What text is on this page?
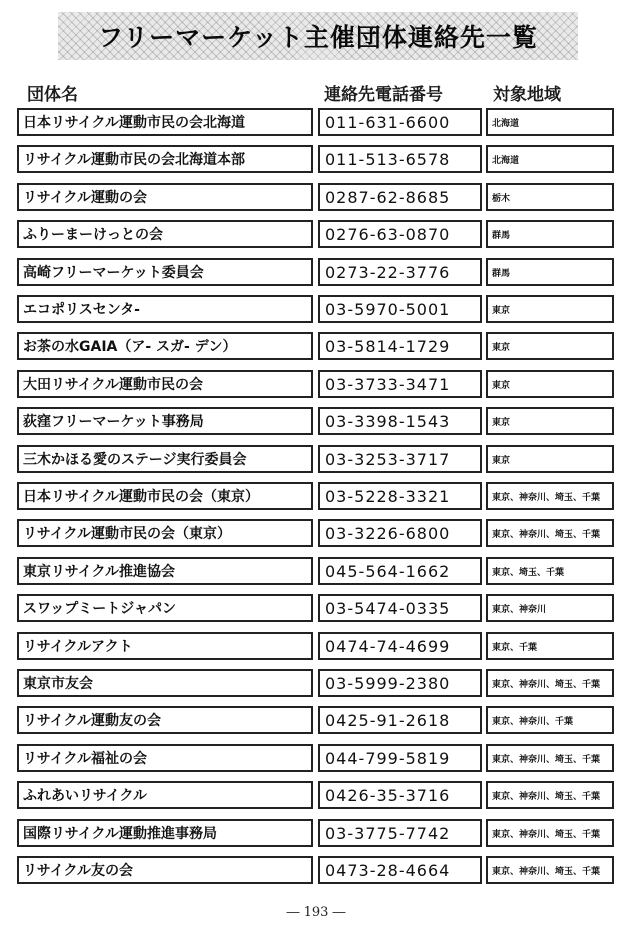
フリーマーケット主催団体連絡先一覧
団体名	連絡先電話番号	対象地域
日本リサイクル運動市民の会北海道	011-631-6600	北海道
リサイクル運動市民の会北海道本部	011-513-6578	北海道
リサイクル運動の会	0287-62-8685	栃木
ふりーまーけっとの会	0276-63-0870	群馬
高崎フリーマーケット委員会	0273-22-3776	群馬
エコポリスセンタ-	03-5970-5001	東京
お茶の水GAIA（ア- スガ- デン）	03-5814-1729	東京
大田リサイクル運動市民の会	03-3733-3471	東京
荻窪フリーマーケット事務局	03-3398-1543	東京
三木かほる愛のステージ実行委員会	03-3253-3717	東京
日本リサイクル運動市民の会（東京）	03-5228-3321	東京、神奈川、埼玉、千葉
リサイクル運動市民の会（東京）	03-3226-6800	東京、神奈川、埼玉、千葉
東京リサイクル推進協会	045-564-1662	東京、埼玉、千葉
スワップミートジャパン	03-5474-0335	東京、神奈川
リサイクルアクト	0474-74-4699	東京、千葉
東京市友会	03-5999-2380	東京、神奈川、埼玉、千葉
リサイクル運動友の会	0425-91-2618	東京、神奈川、千葉
リサイクル福祉の会	044-799-5819	東京、神奈川、埼玉、千葉
ふれあいリサイクル	0426-35-3716	東京、神奈川、埼玉、千葉
国際リサイクル運動推進事務局	03-3775-7742	東京、神奈川、埼玉、千葉
リサイクル友の会	0473-28-4664	東京、神奈川、埼玉、千葉
― 193 ―
